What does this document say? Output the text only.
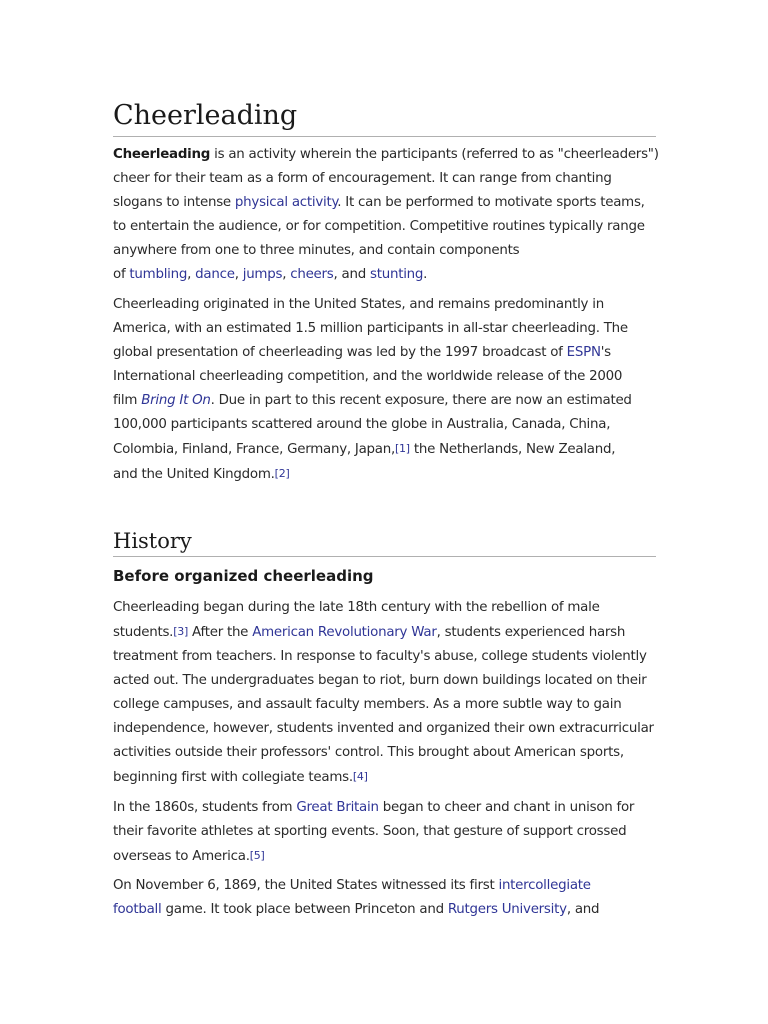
Cheerleading

Cheerleading is an activity wherein the participants (referred to as "cheerleaders")
cheer for their team as a form of encouragement. It can range from chanting
slogans to intense physical activity. It can be performed to motivate sports teams,
to entertain the audience, or for competition. Competitive routines typically range
anywhere from one to three minutes, and contain components
of tumbling, dance, jumps, cheers, and stunting.

Cheerleading originated in the United States, and remains predominantly in
America, with an estimated 1.5 million participants in all-star cheerleading. The
global presentation of cheerleading was led by the 1997 broadcast of ESPN's
International cheerleading competition, and the worldwide release of the 2000
film Bring It On. Due in part to this recent exposure, there are now an estimated
100,000 participants scattered around the globe in Australia, Canada, China,
Colombia, Finland, France, Germany, Japan,[1] the Netherlands, New Zealand,
and the United Kingdom.[2]

History
Before organized cheerleading

Cheerleading began during the late 18th century with the rebellion of male
students.[3] After the American Revolutionary War, students experienced harsh
treatment from teachers. In response to faculty's abuse, college students violently
acted out. The undergraduates began to riot, burn down buildings located on their
college campuses, and assault faculty members. As a more subtle way to gain
independence, however, students invented and organized their own extracurricular
activities outside their professors' control. This brought about American sports,
beginning first with collegiate teams.[4]

In the 1860s, students from Great Britain began to cheer and chant in unison for
their favorite athletes at sporting events. Soon, that gesture of support crossed
overseas to America.[5]

On November 6, 1869, the United States witnessed its first intercollegiate
football game. It took place between Princeton and Rutgers University, and
